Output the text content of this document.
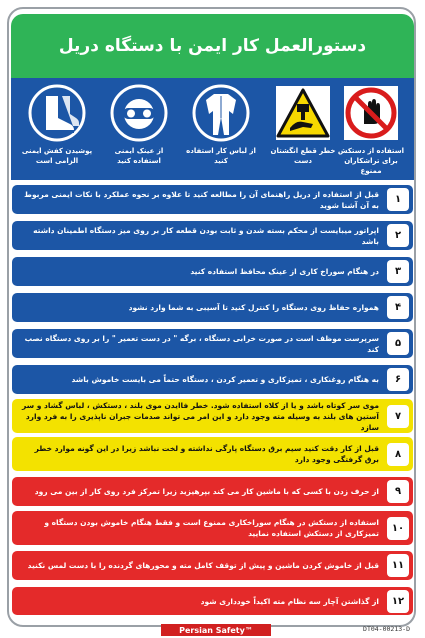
دستورالعمل کار ایمن با دستگاه دریل
پوشیدن کفش ایمنی الزامی است
از عینک ایمنی استفاده کنید
از لباس کار استفاده کنید
خطر قطع انگشتان دست
استفاده از دستکش برای تراشکاران ممنوع
قبل از استفاده از دریل راهنمای آن را مطالعه کنید تا علاوه بر نحوه عملکرد با نکات ایمنی مربوط به آن آشنا شوید	۱
اپراتور میبایست از محکم بسته شدن و ثابت بودن قطعه کار بر روی میز دستگاه اطمینان داشته باشد	۲
در هنگام سوراخ کاری از عینک محافظ استفاده کنید	۳
همواره حفاظ روی دستگاه را کنترل کنید تا آسیبی به شما وارد نشود	۴
سرپرست موظف است در صورت خرابی دستگاه ، برگه " در دست تعمیر " را بر روی دستگاه نصب کند	۵
به هنگام روغنکاری ، تمیزکاری و تعمیر کردن ، دستگاه حتماً می بایست خاموش باشد	۶
موی سر کوتاه باشد و یا از کلاه استفاده شود. خطر فاایدن موی بلند ، دستکش ، لباس گشاد و سر آستین های بلند به وسیله مته وجود دارد و این امر می تواند صدمات جبران ناپذیری را به فرد وارد سازد
۷
قبل از کار دقت کنید سیم برق دستگاه پارگی نداشته و لخت نباشد زیرا در این گونه موارد خطر برق گرفتگی وجود دارد	۸
از حرف زدن با کسی که با ماشین کار می کند بپرهیزید زیرا تمرکز فرد روی کار از بین می رود	۹
استفاده از دستکش در هنگام سوراخکاری ممنوع است و فقط هنگام خاموش بودن دستگاه و تمیزکاری از دستکش استفاده نمایید	۱۰
قبل از خاموش کردن ماشین و پیش از توقف کامل مته و محورهای گردنده را با دست لمس نکنید	۱۱
از گذاشتن آچار سه نظام مته اکیداً خودداری شود	۱۲
Persian Safety™	DT04-00213-D
